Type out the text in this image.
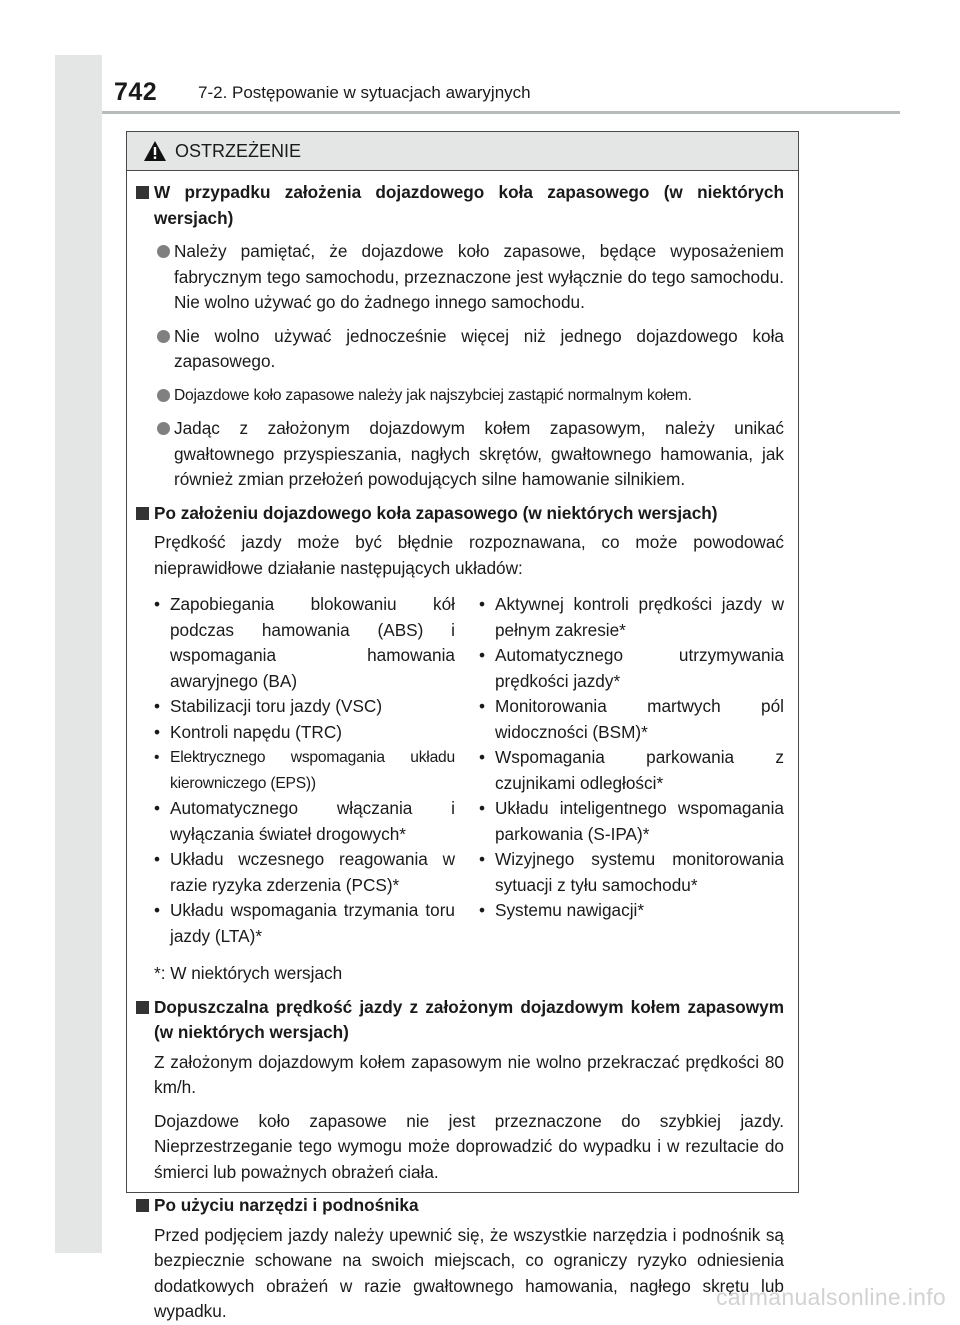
742 7-2. Postępowanie w sytuacjach awaryjnych
OSTRZEŻENIE
W przypadku założenia dojazdowego koła zapasowego (w niektórych wersjach)
Należy pamiętać, że dojazdowe koło zapasowe, będące wyposażeniem fabrycznym tego samochodu, przeznaczone jest wyłącznie do tego samochodu. Nie wolno używać go do żadnego innego samochodu.
Nie wolno używać jednocześnie więcej niż jednego dojazdowego koła zapasowego.
Dojazdowe koło zapasowe należy jak najszybciej zastąpić normalnym kołem.
Jadąc z założonym dojazdowym kołem zapasowym, należy unikać gwałtownego przyspieszania, nagłych skrętów, gwałtownego hamowania, jak również zmian przełożeń powodujących silne hamowanie silnikiem.
Po założeniu dojazdowego koła zapasowego (w niektórych wersjach)
Prędkość jazdy może być błędnie rozpoznawana, co może powodować nieprawidłowe działanie następujących układów:
• Zapobiegania blokowaniu kół podczas hamowania (ABS) i wspomagania hamowania awaryjnego (BA)
• Stabilizacji toru jazdy (VSC)
• Kontroli napędu (TRC)
• Elektrycznego wspomagania układu kierowniczego (EPS))
• Automatycznego włączania i wyłączania świateł drogowych*
• Układu wczesnego reagowania w razie ryzyka zderzenia (PCS)*
• Układu wspomagania trzymania toru jazdy (LTA)*
• Aktywnej kontroli prędkości jazdy w pełnym zakresie*
• Automatycznego utrzymywania prędkości jazdy*
• Monitorowania martwych pól widoczności (BSM)*
• Wspomagania parkowania z czujnikami odległości*
• Układu inteligentnego wspomagania parkowania (S-IPA)*
• Wizyjnego systemu monitorowania sytuacji z tyłu samochodu*
• Systemu nawigacji*
*: W niektórych wersjach
Dopuszczalna prędkość jazdy z założonym dojazdowym kołem zapasowym (w niektórych wersjach)
Z założonym dojazdowym kołem zapasowym nie wolno przekraczać prędkości 80 km/h.
Dojazdowe koło zapasowe nie jest przeznaczone do szybkiej jazdy. Nieprzestrzeganie tego wymogu może doprowadzić do wypadku i w rezultacie do śmierci lub poważnych obrażeń ciała.
Po użyciu narzędzi i podnośnika
Przed podjęciem jazdy należy upewnić się, że wszystkie narzędzia i podnośnik są bezpiecznie schowane na swoich miejscach, co ograniczy ryzyko odniesienia dodatkowych obrażeń w razie gwałtownego hamowania, nagłego skrętu lub wypadku.
carmanualsonline.info
